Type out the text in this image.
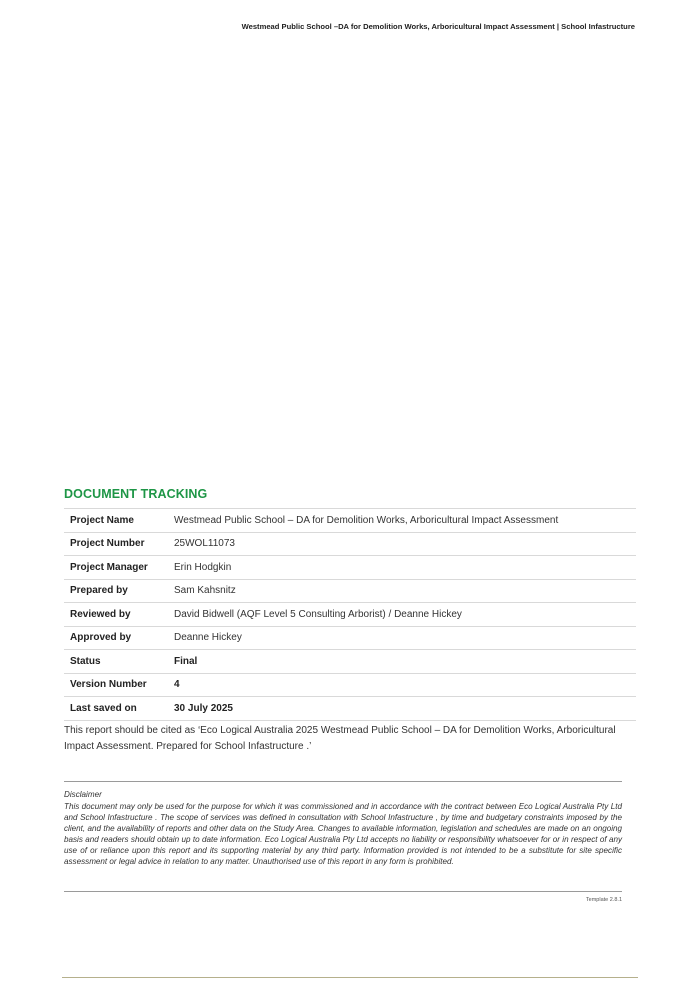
Westmead Public School –DA for Demolition Works, Arboricultural Impact Assessment | School Infastructure
DOCUMENT TRACKING
Project Name	Westmead Public School – DA for Demolition Works, Arboricultural Impact Assessment
Project Number	25WOL11073
Project Manager	Erin Hodgkin
Prepared by	Sam Kahsnitz
Reviewed by	David Bidwell (AQF Level 5 Consulting Arborist) / Deanne Hickey
Approved by	Deanne Hickey
Status	Final
Version Number	4
Last saved on	30 July 2025
This report should be cited as ‘Eco Logical Australia 2025 Westmead Public School – DA for Demolition Works, Arboricultural Impact Assessment. Prepared for School Infastructure .’
Disclaimer
This document may only be used for the purpose for which it was commissioned and in accordance with the contract between Eco Logical Australia Pty Ltd and School Infastructure . The scope of services was defined in consultation with School Infastructure , by time and budgetary constraints imposed by the client, and the availability of reports and other data on the Study Area. Changes to available information, legislation and schedules are made on an ongoing basis and readers should obtain up to date information. Eco Logical Australia Pty Ltd accepts no liability or responsibility whatsoever for or in respect of any use of or reliance upon this report and its supporting material by any third party. Information provided is not intended to be a substitute for site specific assessment or legal advice in relation to any matter. Unauthorised use of this report in any form is prohibited.
Template 2.8.1
